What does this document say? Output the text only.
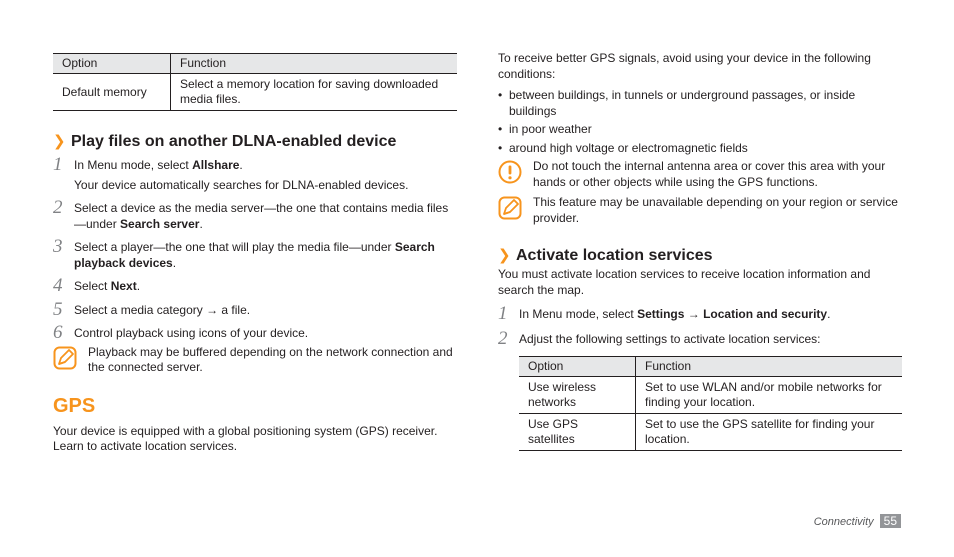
Option	Function
Default memory	Select a memory location for saving downloaded media files.
❯ Play files on another DLNA-enabled device
1 In Menu mode, select Allshare.
Your device automatically searches for DLNA-enabled devices.
2 Select a device as the media server—the one that contains media files—under Search server.
3 Select a player—the one that will play the media file—under Search playback devices.
4 Select Next.
5 Select a media category → a file.
6 Control playback using icons of your device.
Playback may be buffered depending on the network connection and the connected server.
GPS
Your device is equipped with a global positioning system (GPS) receiver. Learn to activate location services.
To receive better GPS signals, avoid using your device in the following conditions:
• between buildings, in tunnels or underground passages, or inside buildings
• in poor weather
• around high voltage or electromagnetic fields
Do not touch the internal antenna area or cover this area with your hands or other objects while using the GPS functions.
This feature may be unavailable depending on your region or service provider.
❯ Activate location services
You must activate location services to receive location information and search the map.
1 In Menu mode, select Settings → Location and security.
2 Adjust the following settings to activate location services:
Option	Function
Use wireless networks	Set to use WLAN and/or mobile networks for finding your location.
Use GPS satellites	Set to use the GPS satellite for finding your location.
Connectivity 55
